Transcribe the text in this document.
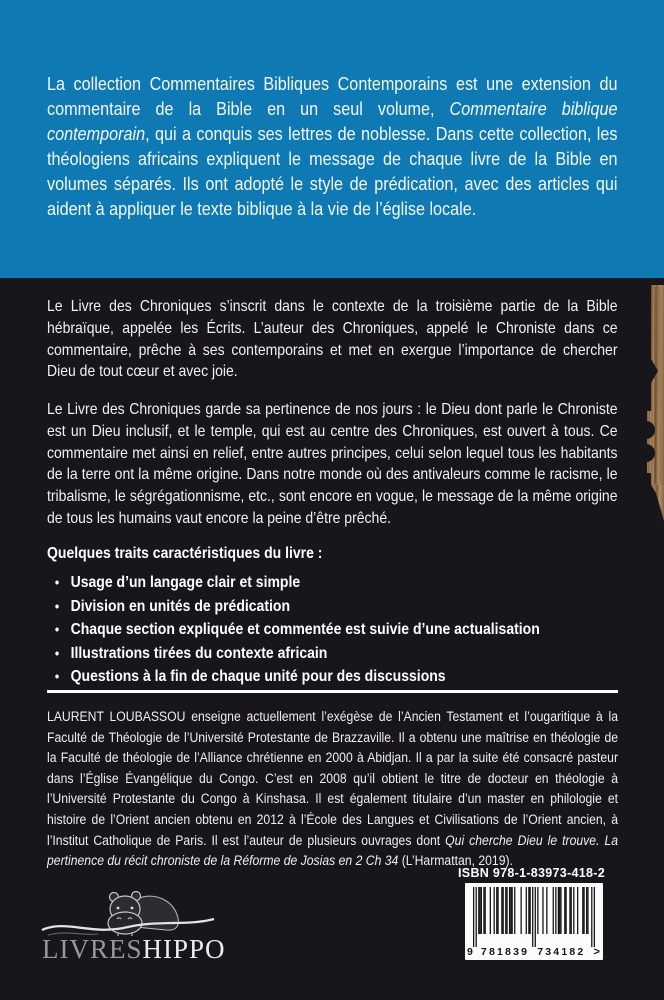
La collection Commentaires Bibliques Contemporains est une extension du commentaire de la Bible en un seul volume, Commentaire biblique contemporain, qui a conquis ses lettres de noblesse. Dans cette collection, les théologiens africains expliquent le message de chaque livre de la Bible en volumes séparés. Ils ont adopté le style de prédication, avec des articles qui aident à appliquer le texte biblique à la vie de l’église locale.

Le Livre des Chroniques s’inscrit dans le contexte de la troisième partie de la Bible hébraïque, appelée les Écrits. L’auteur des Chroniques, appelé le Chroniste dans ce commentaire, prêche à ses contemporains et met en exergue l’importance de chercher Dieu de tout cœur et avec joie.

Le Livre des Chroniques garde sa pertinence de nos jours : le Dieu dont parle le Chroniste est un Dieu inclusif, et le temple, qui est au centre des Chroniques, est ouvert à tous. Ce commentaire met ainsi en relief, entre autres principes, celui selon lequel tous les habitants de la terre ont la même origine. Dans notre monde où des antivaleurs comme le racisme, le tribalisme, le ségrégationnisme, etc., sont encore en vogue, le message de la même origine de tous les humains vaut encore la peine d’être prêché.

Quelques traits caractéristiques du livre :
• Usage d’un langage clair et simple
• Division en unités de prédication
• Chaque section expliquée et commentée est suivie d’une actualisation
• Illustrations tirées du contexte africain
• Questions à la fin de chaque unité pour des discussions

LAURENT LOUBASSOU enseigne actuellement l’exégèse de l’Ancien Testament et l’ougaritique à la Faculté de Théologie de l’Université Protestante de Brazzaville. Il a obtenu une maîtrise en théologie de la Faculté de théologie de l’Alliance chrétienne en 2000 à Abidjan. Il a par la suite été consacré pasteur dans l’Église Évangélique du Congo. C’est en 2008 qu’il obtient le titre de docteur en théologie à l’Université Protestante du Congo à Kinshasa. Il est également titulaire d’un master en philologie et histoire de l’Orient ancien obtenu en 2012 à l’École des Langues et Civilisations de l’Orient ancien, à l’Institut Catholique de Paris. Il est l’auteur de plusieurs ouvrages dont Qui cherche Dieu le trouve. La pertinence du récit chroniste de la Réforme de Josias en 2 Ch 34 (L’Harmattan, 2019).

ISBN 978-1-83973-418-2
9 781839 734182 >
LIVRESHIPPO
